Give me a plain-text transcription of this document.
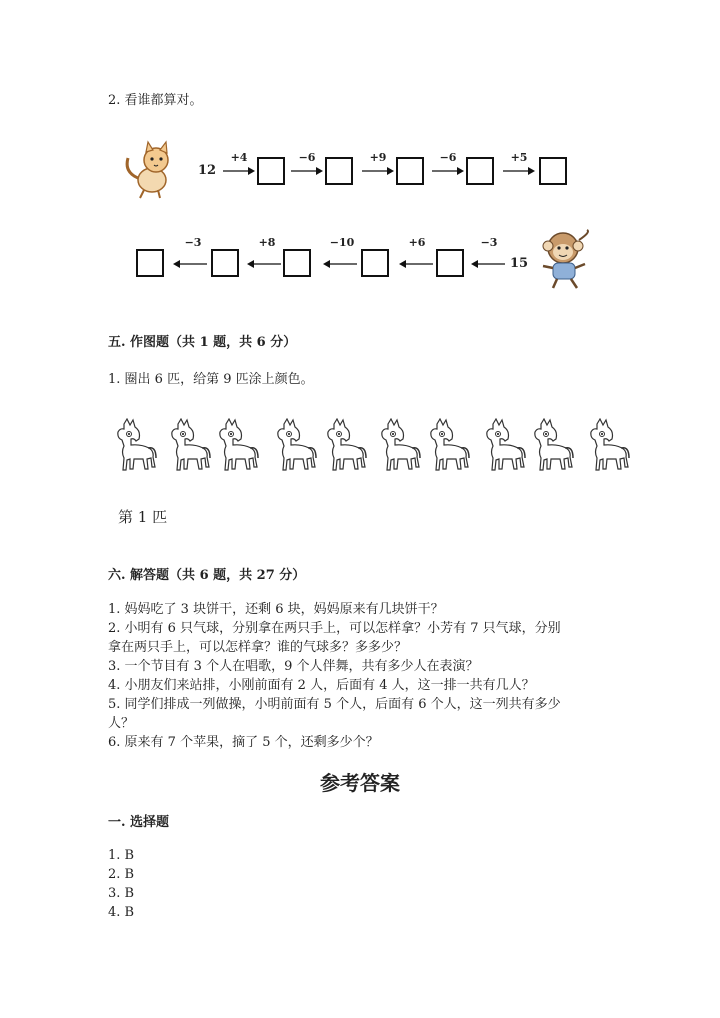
2. 看谁都算对。
12
+4	−6	+9	−6	+5
15
−3
+6
−10
+8
−3
五. 作图题（共 1 题，共 6 分）
1. 圈出 6 匹，给第 9 匹涂上颜色。
第 1 匹
六. 解答题（共 6 题，共 27 分）
1. 妈妈吃了 3 块饼干，还剩 6 块，妈妈原来有几块饼干？
2. 小明有 6 只气球，分别拿在两只手上，可以怎样拿？小芳有 7 只气球，分别
拿在两只手上，可以怎样拿？谁的气球多？多多少？
3. 一个节目有 3 个人在唱歌，9 个人伴舞，共有多少人在表演？
4. 小朋友们来站排，小刚前面有 2 人，后面有 4 人，这一排一共有几人？
5. 同学们排成一列做操，小明前面有 5 个人，后面有 6 个人，这一列共有多少
人？
6. 原来有 7 个苹果，摘了 5 个，还剩多少个？
参考答案
一. 选择题
1. B
2. B
3. B
4. B
